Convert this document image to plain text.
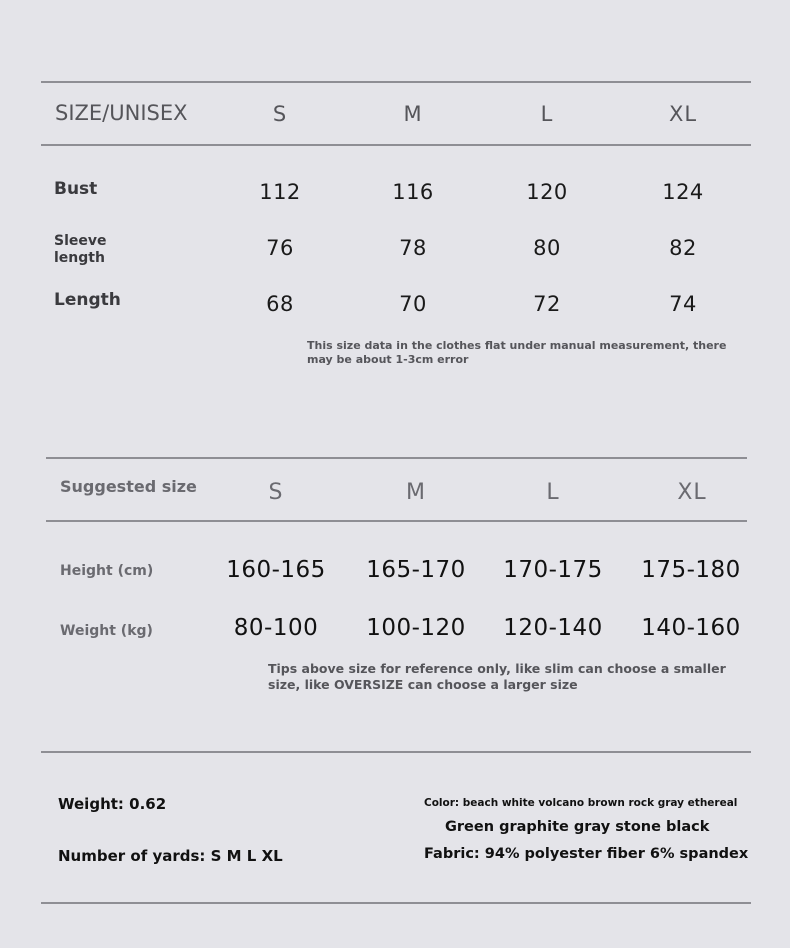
SIZE/UNISEX	S	M	L	XL
Bust	112	116	120	124
Sleeve
length	76	78	80	82
Length	68	70	72	74
This size data in the clothes flat under manual measurement, there may be about 1-3cm error
Suggested size	S	M	L	XL
Height (cm)	160-165	165-170	170-175	175-180
Weight (kg)	80-100	100-120	120-140	140-160
Tips above size for reference only, like slim can choose a smaller size, like OVERSIZE can choose a larger size
Weight: 0.62
Number of yards: S M L XL
Color: beach white volcano brown rock gray ethereal
Green graphite gray stone black
Fabric: 94% polyester fiber 6% spandex
